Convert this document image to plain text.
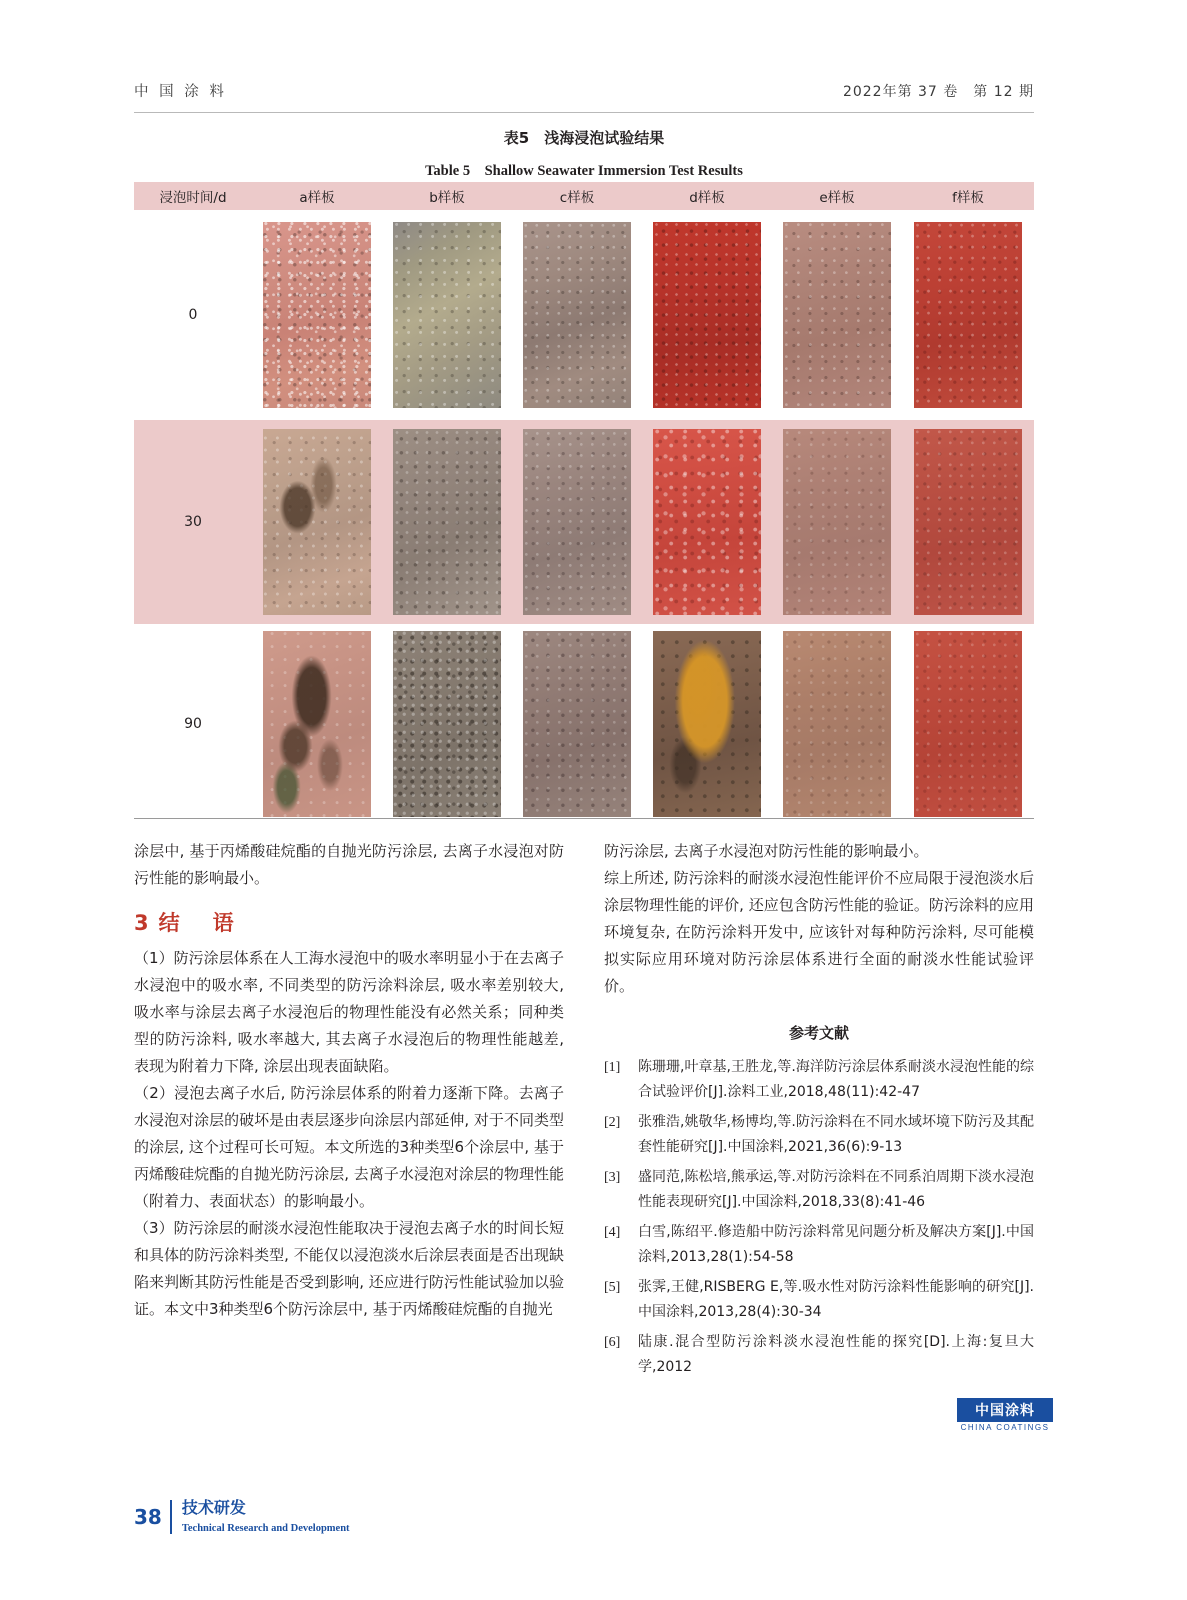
中 国 涂 料	2022年第 37 卷　第 12 期
表5　浅海浸泡试验结果
Table 5　Shallow Seawater Immersion Test Results
浸泡时间/d	a样板	b样板	c样板	d样板	e样板	f样板
0	

30	

90	

涂层中, 基于丙烯酸硅烷酯的自抛光防污涂层, 去离子水浸泡对防污性能的影响最小。

3 结　语

（1）防污涂层体系在人工海水浸泡中的吸水率明显小于在去离子水浸泡中的吸水率, 不同类型的防污涂料涂层, 吸水率差别较大, 吸水率与涂层去离子水浸泡后的物理性能没有必然关系；同种类型的防污涂料, 吸水率越大, 其去离子水浸泡后的物理性能越差, 表现为附着力下降, 涂层出现表面缺陷。

（2）浸泡去离子水后, 防污涂层体系的附着力逐渐下降。去离子水浸泡对涂层的破坏是由表层逐步向涂层内部延伸, 对于不同类型的涂层, 这个过程可长可短。本文所选的3种类型6个涂层中, 基于丙烯酸硅烷酯的自抛光防污涂层, 去离子水浸泡对涂层的物理性能（附着力、表面状态）的影响最小。

（3）防污涂层的耐淡水浸泡性能取决于浸泡去离子水的时间长短和具体的防污涂料类型, 不能仅以浸泡淡水后涂层表面是否出现缺陷来判断其防污性能是否受到影响, 还应进行防污性能试验加以验证。本文中3种类型6个防污涂层中, 基于丙烯酸硅烷酯的自抛光

防污涂层, 去离子水浸泡对防污性能的影响最小。

综上所述, 防污涂料的耐淡水浸泡性能评价不应局限于浸泡淡水后涂层物理性能的评价, 还应包含防污性能的验证。防污涂料的应用环境复杂, 在防污涂料开发中, 应该针对每种防污涂料, 尽可能模拟实际应用环境对防污涂层体系进行全面的耐淡水性能试验评价。

参考文献
[1] 陈珊珊,叶章基,王胜龙,等.海洋防污涂层体系耐淡水浸泡性能的综合试验评价[J].涂料工业,2018,48(11):42-47
[2] 张雅浩,姚敬华,杨博均,等.防污涂料在不同水域坏境下防污及其配套性能研究[J].中国涂料,2021,36(6):9-13
[3] 盛同范,陈松培,熊承运,等.对防污涂料在不同系泊周期下淡水浸泡性能表现研究[J].中国涂料,2018,33(8):41-46
[4] 白雪,陈绍平.修造船中防污涂料常见问题分析及解决方案[J].中国涂料,2013,28(1):54-58
[5] 张霁,王健,RISBERG E,等.吸水性对防污涂料性能影响的研究[J].中国涂料,2013,28(4):30-34
[6] 陆康.混合型防污涂料淡水浸泡性能的探究[D].上海:复旦大学,2012
中国涂料
CHINA COATINGS
38 技术研发
Technical Research and Development
